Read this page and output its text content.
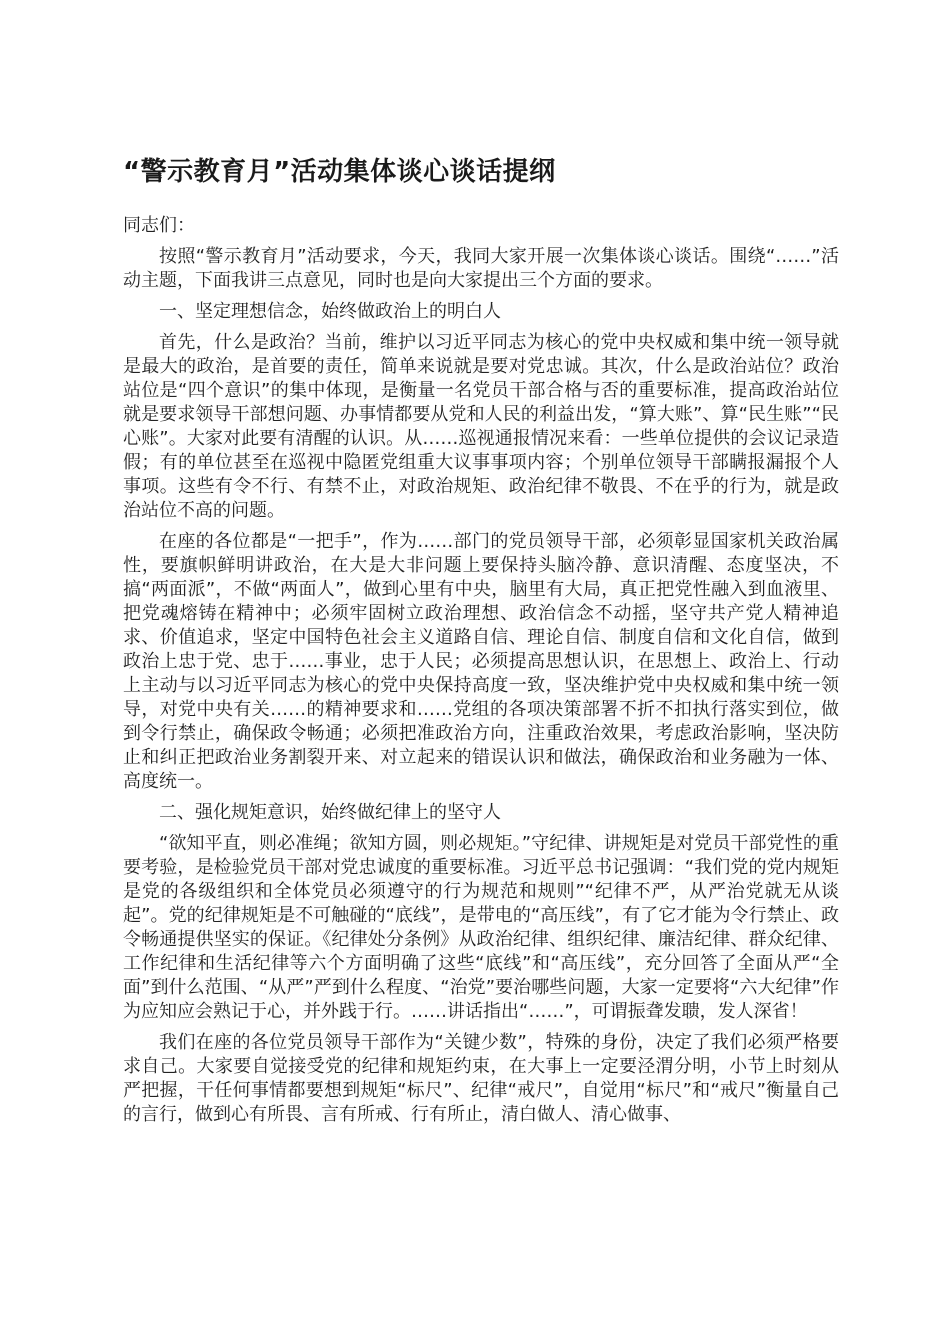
“警示教育月”活动集体谈心谈话提纲

同志们：

按照“警示教育月”活动要求，今天，我同大家开展一次集体谈心谈话。围绕“……”活动主题，下面我讲三点意见，同时也是向大家提出三个方面的要求。

一、坚定理想信念，始终做政治上的明白人

首先，什么是政治？当前，维护以习近平同志为核心的党中央权威和集中统一领导就是最大的政治，是首要的责任，简单来说就是要对党忠诚。其次，什么是政治站位？政治站位是“四个意识”的集中体现，是衡量一名党员干部合格与否的重要标准，提高政治站位就是要求领导干部想问题、办事情都要从党和人民的利益出发，“算大账”、算“民生账”“民心账”。大家对此要有清醒的认识。从……巡视通报情况来看：一些单位提供的会议记录造假；有的单位甚至在巡视中隐匿党组重大议事事项内容；个别单位领导干部瞒报漏报个人事项。这些有令不行、有禁不止，对政治规矩、政治纪律不敬畏、不在乎的行为，就是政治站位不高的问题。

在座的各位都是“一把手”，作为……部门的党员领导干部，必须彰显国家机关政治属性，要旗帜鲜明讲政治，在大是大非问题上要保持头脑冷静、意识清醒、态度坚决，不搞“两面派”，不做“两面人”，做到心里有中央，脑里有大局，真正把党性融入到血液里、把党魂熔铸在精神中；必须牢固树立政治理想、政治信念不动摇，坚守共产党人精神追求、价值追求，坚定中国特色社会主义道路自信、理论自信、制度自信和文化自信，做到政治上忠于党、忠于……事业，忠于人民；必须提高思想认识，在思想上、政治上、行动上主动与以习近平同志为核心的党中央保持高度一致，坚决维护党中央权威和集中统一领导，对党中央有关……的精神要求和……党组的各项决策部署不折不扣执行落实到位，做到令行禁止，确保政令畅通；必须把准政治方向，注重政治效果，考虑政治影响，坚决防止和纠正把政治业务割裂开来、对立起来的错误认识和做法，确保政治和业务融为一体、高度统一。

二、强化规矩意识，始终做纪律上的坚守人

“欲知平直，则必准绳；欲知方圆，则必规矩。”守纪律、讲规矩是对党员干部党性的重要考验，是检验党员干部对党忠诚度的重要标准。习近平总书记强调：“我们党的党内规矩是党的各级组织和全体党员必须遵守的行为规范和规则”“纪律不严，从严治党就无从谈起”。党的纪律规矩是不可触碰的“底线”，是带电的“高压线”，有了它才能为令行禁止、政令畅通提供坚实的保证。《纪律处分条例》从政治纪律、组织纪律、廉洁纪律、群众纪律、工作纪律和生活纪律等六个方面明确了这些“底线”和“高压线”，充分回答了全面从严“全面”到什么范围、“从严”严到什么程度、“治党”要治哪些问题，大家一定要将“六大纪律”作为应知应会熟记于心，并外践于行。……讲话指出“……”，可谓振聋发聩，发人深省！

我们在座的各位党员领导干部作为“关键少数”，特殊的身份，决定了我们必须严格要求自己。大家要自觉接受党的纪律和规矩约束，在大事上一定要泾渭分明，小节上时刻从严把握，干任何事情都要想到规矩“标尺”、纪律“戒尺”，自觉用“标尺”和“戒尺”衡量自己的言行，做到心有所畏、言有所戒、行有所止，清白做人、清心做事、
